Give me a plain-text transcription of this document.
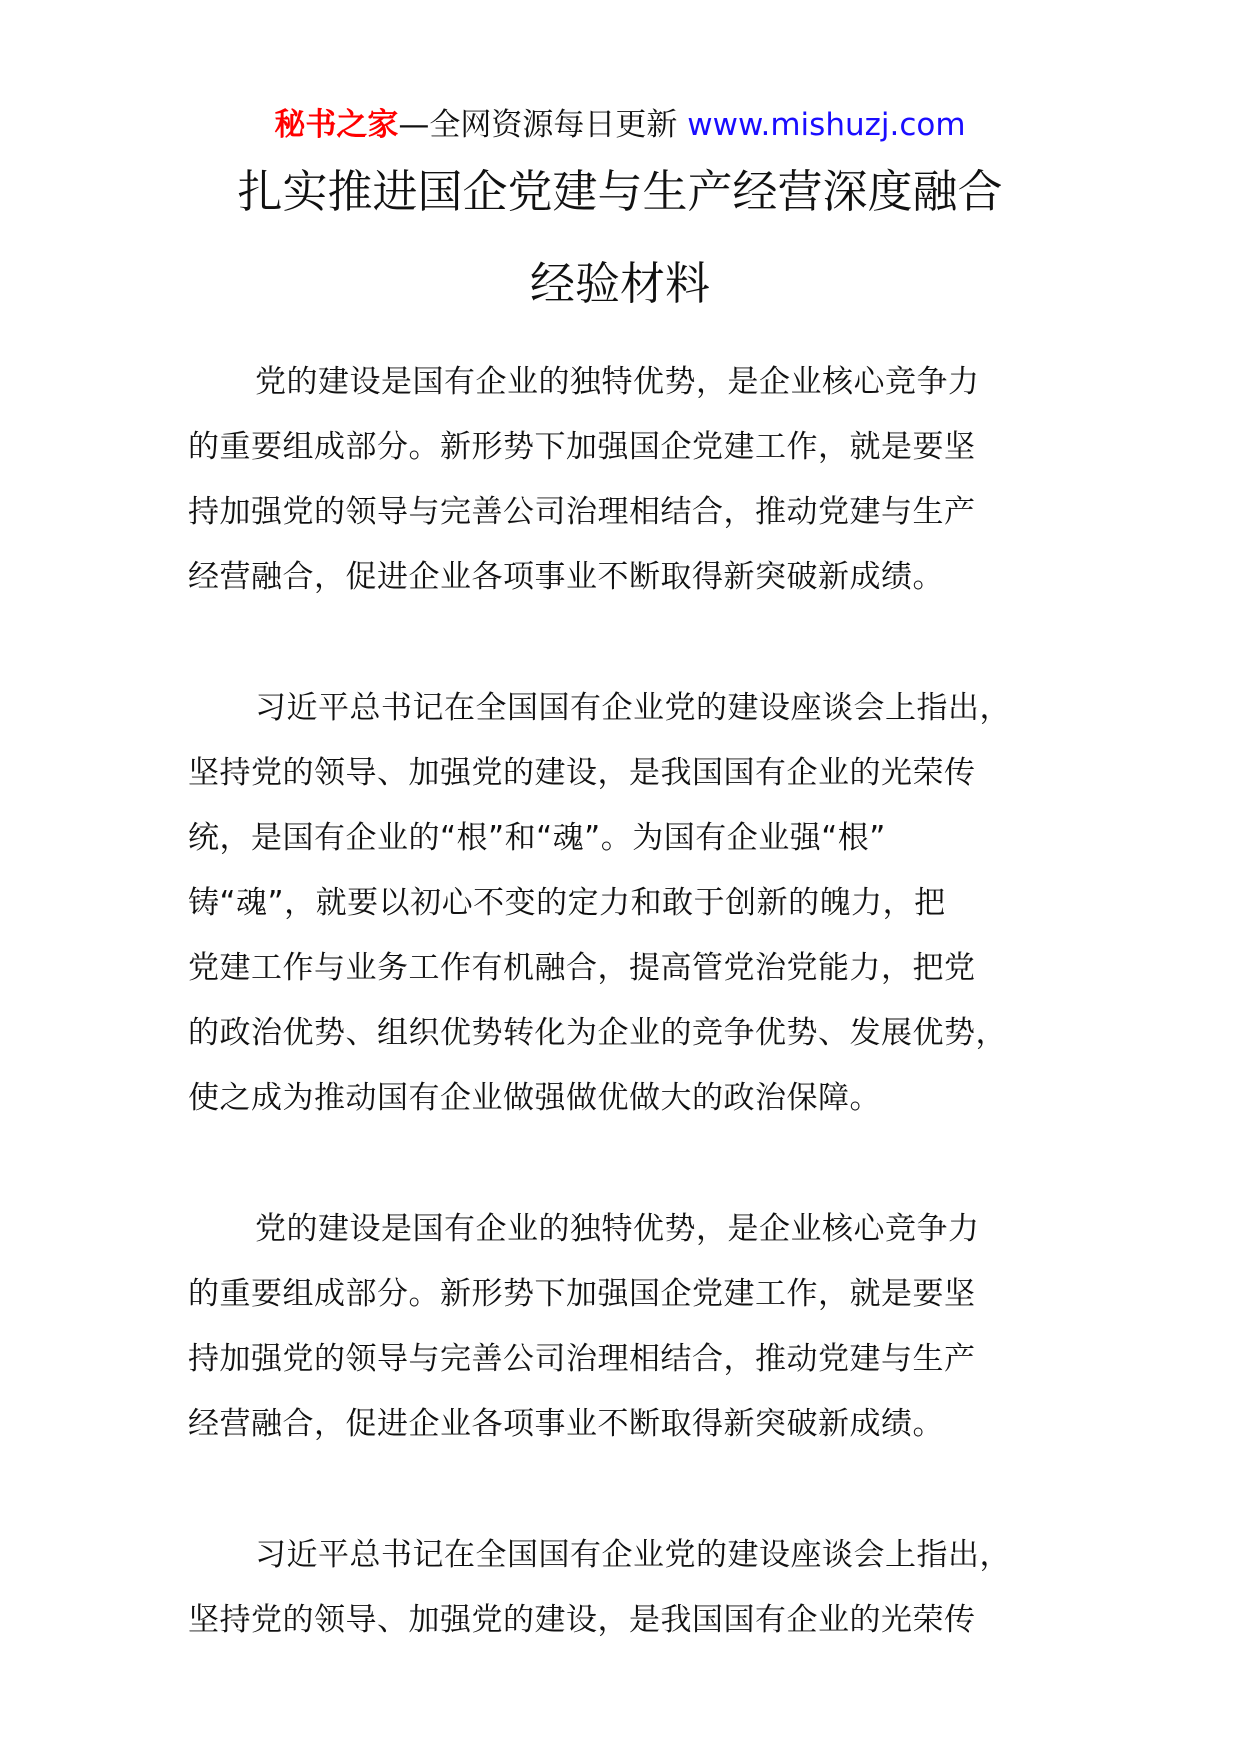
秘书之家—全网资源每日更新 www.mishuzj.com
扎实推进国企党建与生产经营深度融合
经验材料

党的建设是国有企业的独特优势，是企业核心竞争力
的重要组成部分。新形势下加强国企党建工作，就是要坚
持加强党的领导与完善公司治理相结合，推动党建与生产
经营融合，促进企业各项事业不断取得新突破新成绩。

习近平总书记在全国国有企业党的建设座谈会上指出，
坚持党的领导、加强党的建设，是我国国有企业的光荣传
统，是国有企业的“根”和“魂”。为国有企业强“根”
铸“魂”，就要以初心不变的定力和敢于创新的魄力，把
党建工作与业务工作有机融合，提高管党治党能力，把党
的政治优势、组织优势转化为企业的竞争优势、发展优势，
使之成为推动国有企业做强做优做大的政治保障。

党的建设是国有企业的独特优势，是企业核心竞争力
的重要组成部分。新形势下加强国企党建工作，就是要坚
持加强党的领导与完善公司治理相结合，推动党建与生产
经营融合，促进企业各项事业不断取得新突破新成绩。

习近平总书记在全国国有企业党的建设座谈会上指出，
坚持党的领导、加强党的建设，是我国国有企业的光荣传
